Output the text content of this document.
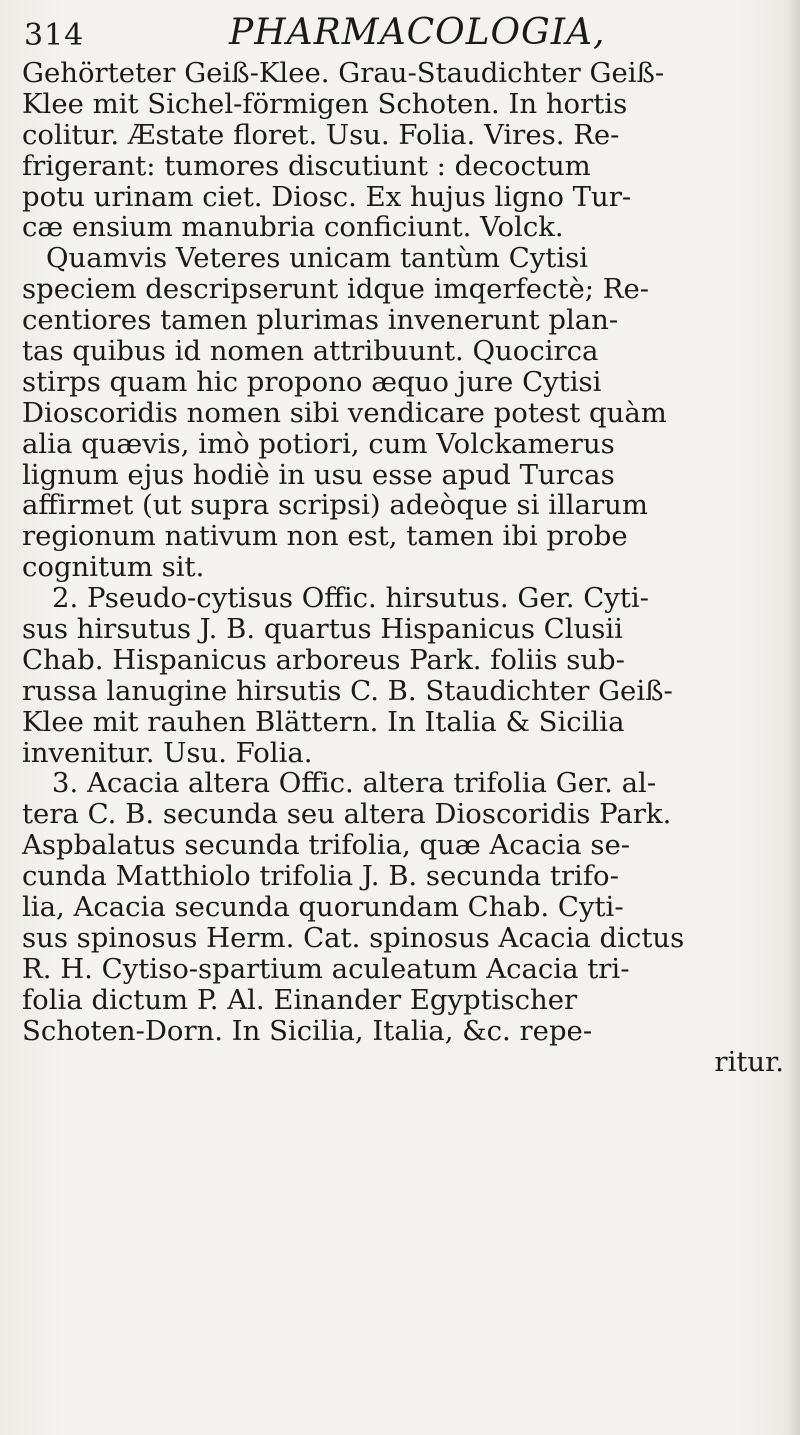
314	PHARMACOLOGIA,
Gehörteter Geiß-Klee. Grau-Staudichter Geiß-
Klee mit Sichel-förmigen Schoten. In hortis
colitur. Æstate floret. Usu. Folia. Vires. Re-
frigerant: tumores discutiunt : decoctum
potu urinam ciet. Diosc. Ex hujus ligno Tur-
cæ ensium manubria conficiunt. Volck.
Quamvis Veteres unicam tantùm Cytisi
speciem descripserunt idque imqerfectè; Re-
centiores tamen plurimas invenerunt plan-
tas quibus id nomen attribuunt. Quocirca
stirps quam hic propono æquo jure Cytisi
Dioscoridis nomen sibi vendicare potest quàm
alia quævis, imò potiori, cum Volckamerus
lignum ejus hodiè in usu esse apud Turcas
affirmet (ut supra scripsi) adeòque si illarum
regionum nativum non est, tamen ibi probe
cognitum sit.
2. Pseudo-cytisus Offic. hirsutus. Ger. Cyti-
sus hirsutus J. B. quartus Hispanicus Clusii
Chab. Hispanicus arboreus Park. foliis sub-
russa lanugine hirsutis C. B. Staudichter Geiß-
Klee mit rauhen Blättern. In Italia & Sicilia
invenitur. Usu. Folia.
3. Acacia altera Offic. altera trifolia Ger. al-
tera C. B. secunda seu altera Dioscoridis Park.
Aspbalatus secunda trifolia, quæ Acacia se-
cunda Matthiolo trifolia J. B. secunda trifo-
lia, Acacia secunda quorundam Chab. Cyti-
sus spinosus Herm. Cat. spinosus Acacia dictus
R. H. Cytiso-spartium aculeatum Acacia tri-
folia dictum P. Al. Einander Egyptischer
Schoten-Dorn. In Sicilia, Italia, &c. repe-
ritur.
